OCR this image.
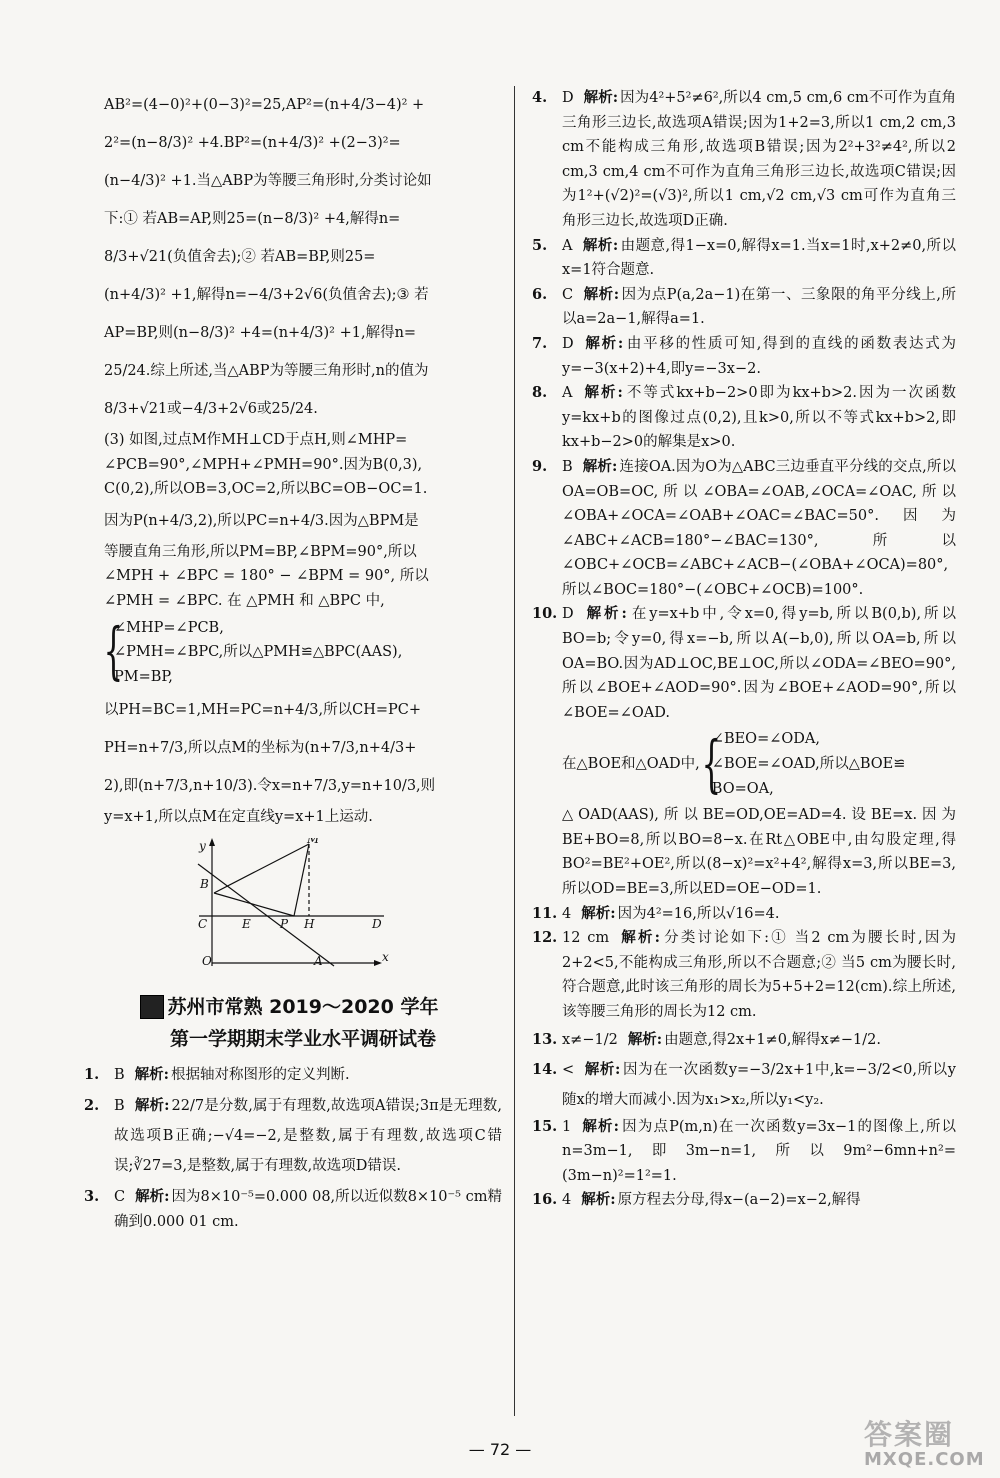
AB²=(4−0)²+(0−3)²=25,AP²=(n+4/3−4)² +

2²=(n−8/3)² +4.BP²=(n+4/3)² +(2−3)²=

(n−4/3)² +1.当△ABP为等腰三角形时,分类讨论如

下:① 若AB=AP,则25=(n−8/3)² +4,解得n=

8/3+√21(负值舍去);② 若AB=BP,则25=

(n+4/3)² +1,解得n=−4/3+2√6(负值舍去);③ 若

AP=BP,则(n−8/3)² +4=(n+4/3)² +1,解得n=

25/24.综上所述,当△ABP为等腰三角形时,n的值为

8/3+√21或−4/3+2√6或25/24.

(3) 如图,过点M作MH⊥CD于点H,则∠MHP=

∠PCB=90°,∠MPH+∠PMH=90°.因为B(0,3),

C(0,2),所以OB=3,OC=2,所以BC=OB−OC=1.

因为P(n+4/3,2),所以PC=n+4/3.因为△BPM是

等腰直角三角形,所以PM=BP,∠BPM=90°,所以

∠MPH + ∠BPC = 180° − ∠BPM = 90°, 所以

∠PMH = ∠BPC. 在 △PMH 和 △BPC 中,

{
∠MHP=∠PCB,
∠PMH=∠BPC,所以△PMH≌△BPC(AAS),
PM=BP,

以PH=BC=1,MH=PC=n+4/3,所以CH=PC+

PH=n+7/3,所以点M的坐标为(n+7/3,n+4/3+

2),即(n+7/3,n+10/3).令x=n+7/3,y=n+10/3,则

y=x+1,所以点M在定直线y=x+1上运动.

y	M
B
C	E P H	D
O	A	x
苏州市常熟 2019～2020 学年
第一学期期末学业水平调研试卷

1. B 解析: 根据轴对称图形的定义判断.

2. B 解析: 22/7是分数,属于有理数,故选项A错误;3π是无理数,故选项B正确;−√4=−2,是整数,属于有理数,故选项C错误;∛27=3,是整数,属于有理数,故选项D错误.

3. C 解析: 因为8×10⁻⁵=0.000 08,所以近似数8×10⁻⁵ cm精确到0.000 01 cm.

4. D 解析: 因为4²+5²≠6²,所以4 cm,5 cm,6 cm不可作为直角三角形三边长,故选项A错误;因为1+2=3,所以1 cm,2 cm,3 cm不能构成三角形,故选项B错误;因为2²+3²≠4²,所以2 cm,3 cm,4 cm不可作为直角三角形三边长,故选项C错误;因为1²+(√2)²=(√3)²,所以1 cm,√2 cm,√3 cm可作为直角三角形三边长,故选项D正确.

5. A 解析: 由题意,得1−x=0,解得x=1.当x=1时,x+2≠0,所以x=1符合题意.

6. C 解析: 因为点P(a,2a−1)在第一、三象限的角平分线上,所以a=2a−1,解得a=1.

7. D 解析: 由平移的性质可知,得到的直线的函数表达式为y=−3(x+2)+4,即y=−3x−2.

8. A 解析: 不等式kx+b−2>0即为kx+b>2.因为一次函数y=kx+b的图像过点(0,2),且k>0,所以不等式kx+b>2,即kx+b−2>0的解集是x>0.

9. B 解析: 连接OA.因为O为△ABC三边垂直平分线的交点,所以OA=OB=OC,所以∠OBA=∠OAB,∠OCA=∠OAC,所以∠OBA+∠OCA=∠OAB+∠OAC=∠BAC=50°.因为∠ABC+∠ACB=180°−∠BAC=130°,所以∠OBC+∠OCB=∠ABC+∠ACB−(∠OBA+∠OCA)=80°,所以∠BOC=180°−(∠OBC+∠OCB)=100°.

10. D 解析: 在y=x+b中,令x=0,得y=b,所以B(0,b),所以BO=b;令y=0,得x=−b,所以A(−b,0),所以OA=b,所以OA=BO.因为AD⊥OC,BE⊥OC,所以∠ODA=∠BEO=90°,所以∠BOE+∠AOD=90°.因为∠BOE+∠AOD=90°,所以∠BOE=∠OAD.

在△BOE和△OAD中, {
∠BEO=∠ODA,
∠BOE=∠OAD,所以△BOE≌
BO=OA,

△OAD(AAS),所以BE=OD,OE=AD=4.设BE=x.因为BE+BO=8,所以BO=8−x.在Rt△OBE中,由勾股定理,得BO²=BE²+OE²,所以(8−x)²=x²+4²,解得x=3,所以BE=3,所以OD=BE=3,所以ED=OE−OD=1.

11. 4 解析: 因为4²=16,所以√16=4.

12. 12 cm 解析: 分类讨论如下:① 当2 cm为腰长时,因为2+2<5,不能构成三角形,所以不合题意;② 当5 cm为腰长时,符合题意,此时该三角形的周长为5+5+2=12(cm).综上所述,该等腰三角形的周长为12 cm.

13. x≠−1/2 解析: 由题意,得2x+1≠0,解得x≠−1/2.

14. < 解析: 因为在一次函数y=−3/2x+1中,k=−3/2<0,所以y随x的增大而减小.因为x₁>x₂,所以y₁<y₂.

15. 1 解析: 因为点P(m,n)在一次函数y=3x−1的图像上,所以n=3m−1,即3m−n=1,所以9m²−6mn+n²=(3m−n)²=1²=1.

16. 4 解析: 原方程去分母,得x−(a−2)=x−2,解得

— 72 —	答案圈
MXQE.COM
